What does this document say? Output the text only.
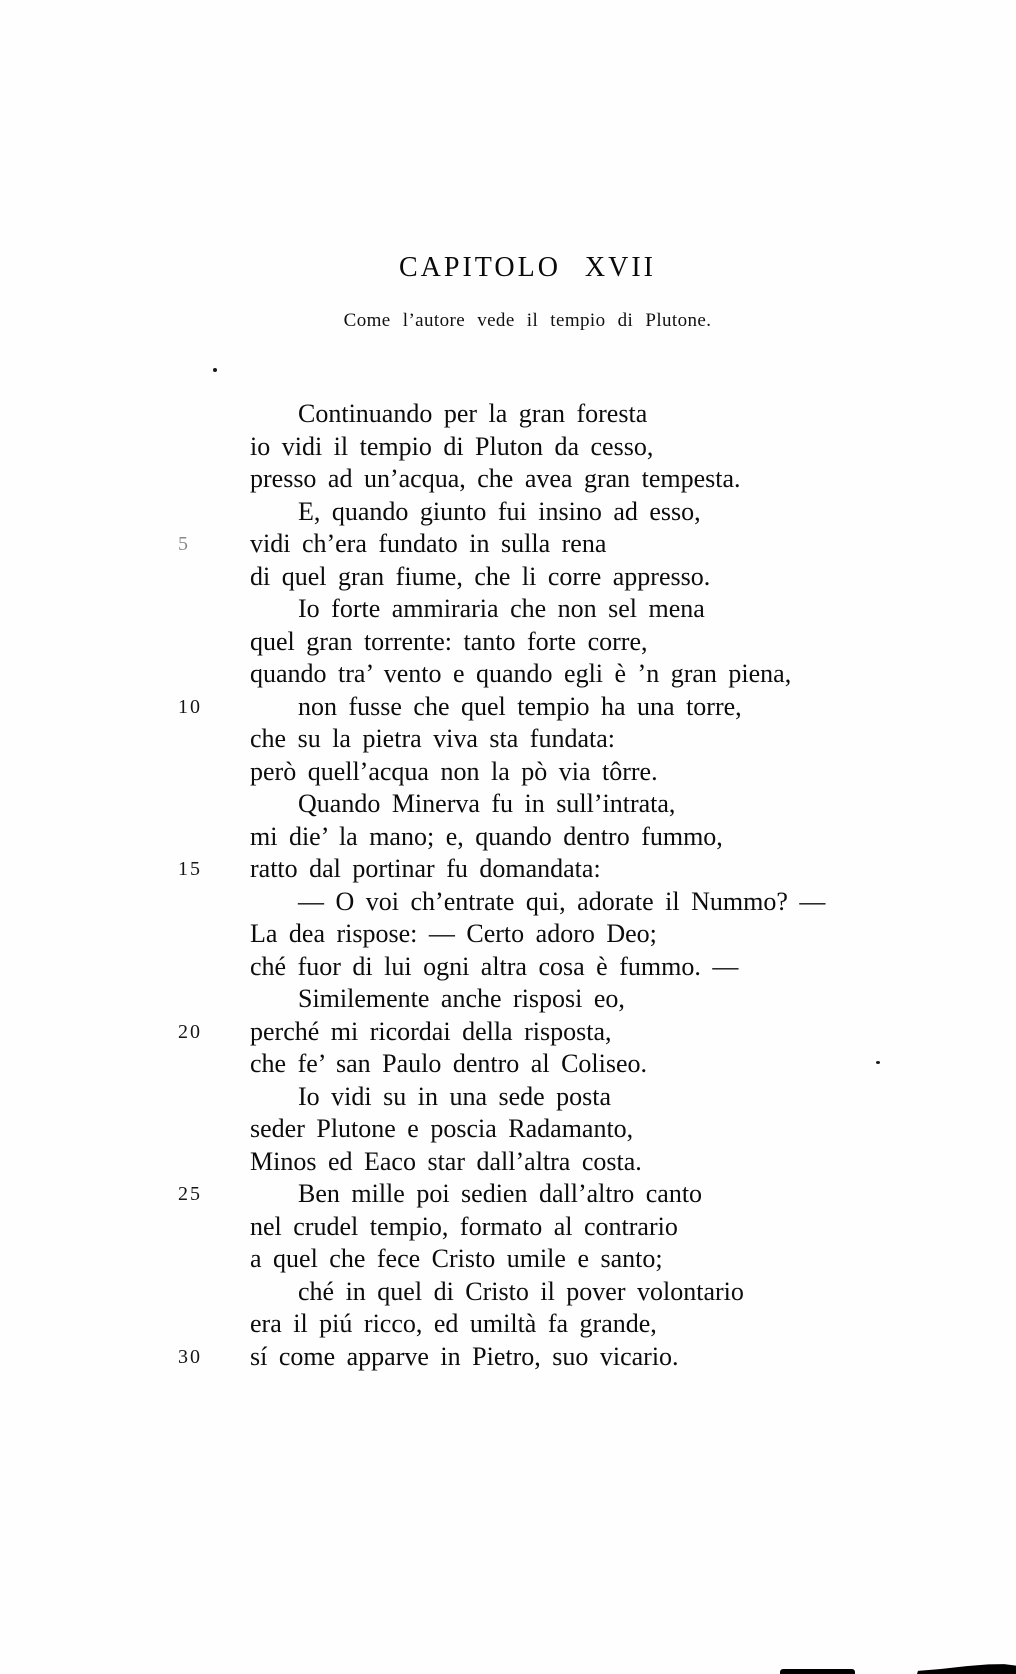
CAPITOLO XVII
Come l’autore vede il tempio di Plutone.
Continuando per la gran foresta
io vidi il tempio di Pluton da cesso,
presso ad un’acqua, che avea gran tempesta.
E, quando giunto fui insino ad esso,
5 vidi ch’era fundato in sulla rena
di quel gran fiume, che li corre appresso.
Io forte ammiraria che non sel mena
quel gran torrente: tanto forte corre,
quando tra’ vento e quando egli è ’n gran piena,
10	non fusse che quel tempio ha una torre,
che su la pietra viva sta fundata:
però quell’acqua non la pò via tôrre.
Quando Minerva fu in sull’intrata,
mi die’ la mano; e, quando dentro fummo,
15 ratto dal portinar fu domandata:
— O voi ch’entrate qui, adorate il Nummo? —
La dea rispose: — Certo adoro Deo;
ché fuor di lui ogni altra cosa è fummo. —
Similemente anche risposi eo,
20 perché mi ricordai della risposta,
che fe’ san Paulo dentro al Coliseo.
Io vidi su in una sede posta
seder Plutone e poscia Radamanto,
Minos ed Eaco star dall’altra costa.
25	Ben mille poi sedien dall’altro canto
nel crudel tempio, formato al contrario
a quel che fece Cristo umile e santo;
ché in quel di Cristo il pover volontario
era il piú ricco, ed umiltà fa grande,
30 sí come apparve in Pietro, suo vicario.
